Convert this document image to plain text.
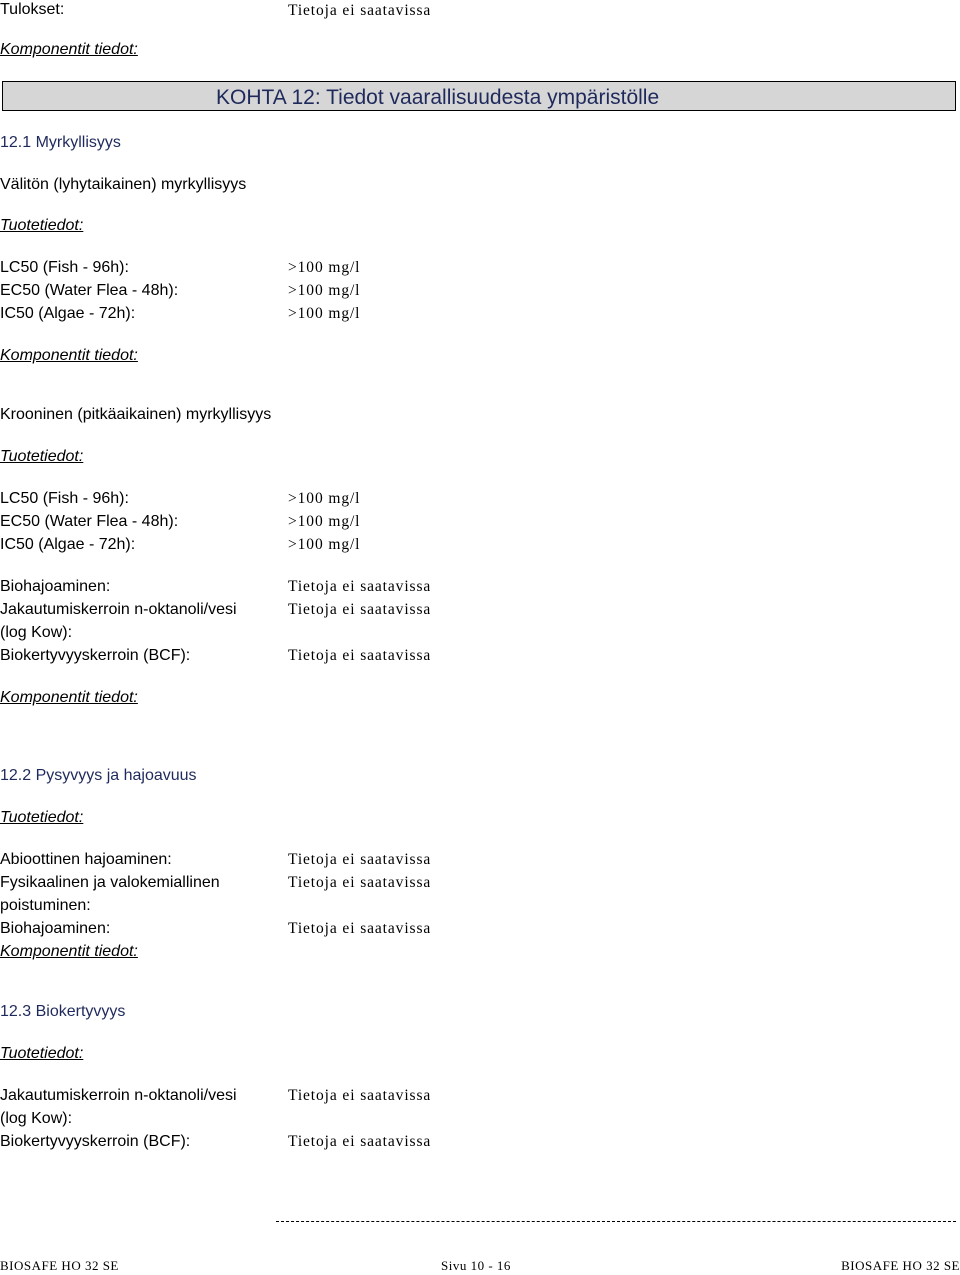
Tulokset:	Tietoja ei saatavissa
Komponentit tiedot:
KOHTA 12: Tiedot vaarallisuudesta ympäristölle
12.1 Myrkyllisyys
Välitön (lyhytaikainen) myrkyllisyys
Tuotetiedot:
LC50 (Fish - 96h):	>100 mg/l
EC50 (Water Flea - 48h):	>100 mg/l
IC50 (Algae - 72h):	>100 mg/l
Komponentit tiedot:
Krooninen (pitkäaikainen) myrkyllisyys
Tuotetiedot:
LC50 (Fish - 96h):	>100 mg/l
EC50 (Water Flea - 48h):	>100 mg/l
IC50 (Algae - 72h):	>100 mg/l
Biohajoaminen:	Tietoja ei saatavissa
Jakautumiskerroin n-oktanoli/vesi	Tietoja ei saatavissa
(log Kow):
Biokertyvyyskerroin (BCF):	Tietoja ei saatavissa
Komponentit tiedot:
12.2 Pysyvyys ja hajoavuus
Tuotetiedot:
Abioottinen hajoaminen:	Tietoja ei saatavissa
Fysikaalinen ja valokemiallinen	Tietoja ei saatavissa
poistuminen:
Biohajoaminen:	Tietoja ei saatavissa
Komponentit tiedot:
12.3 Biokertyvyys
Tuotetiedot:
Jakautumiskerroin n-oktanoli/vesi	Tietoja ei saatavissa
(log Kow):
Biokertyvyyskerroin (BCF):	Tietoja ei saatavissa
BIOSAFE HO 32 SE	Sivu 10 - 16	BIOSAFE HO 32 SE
